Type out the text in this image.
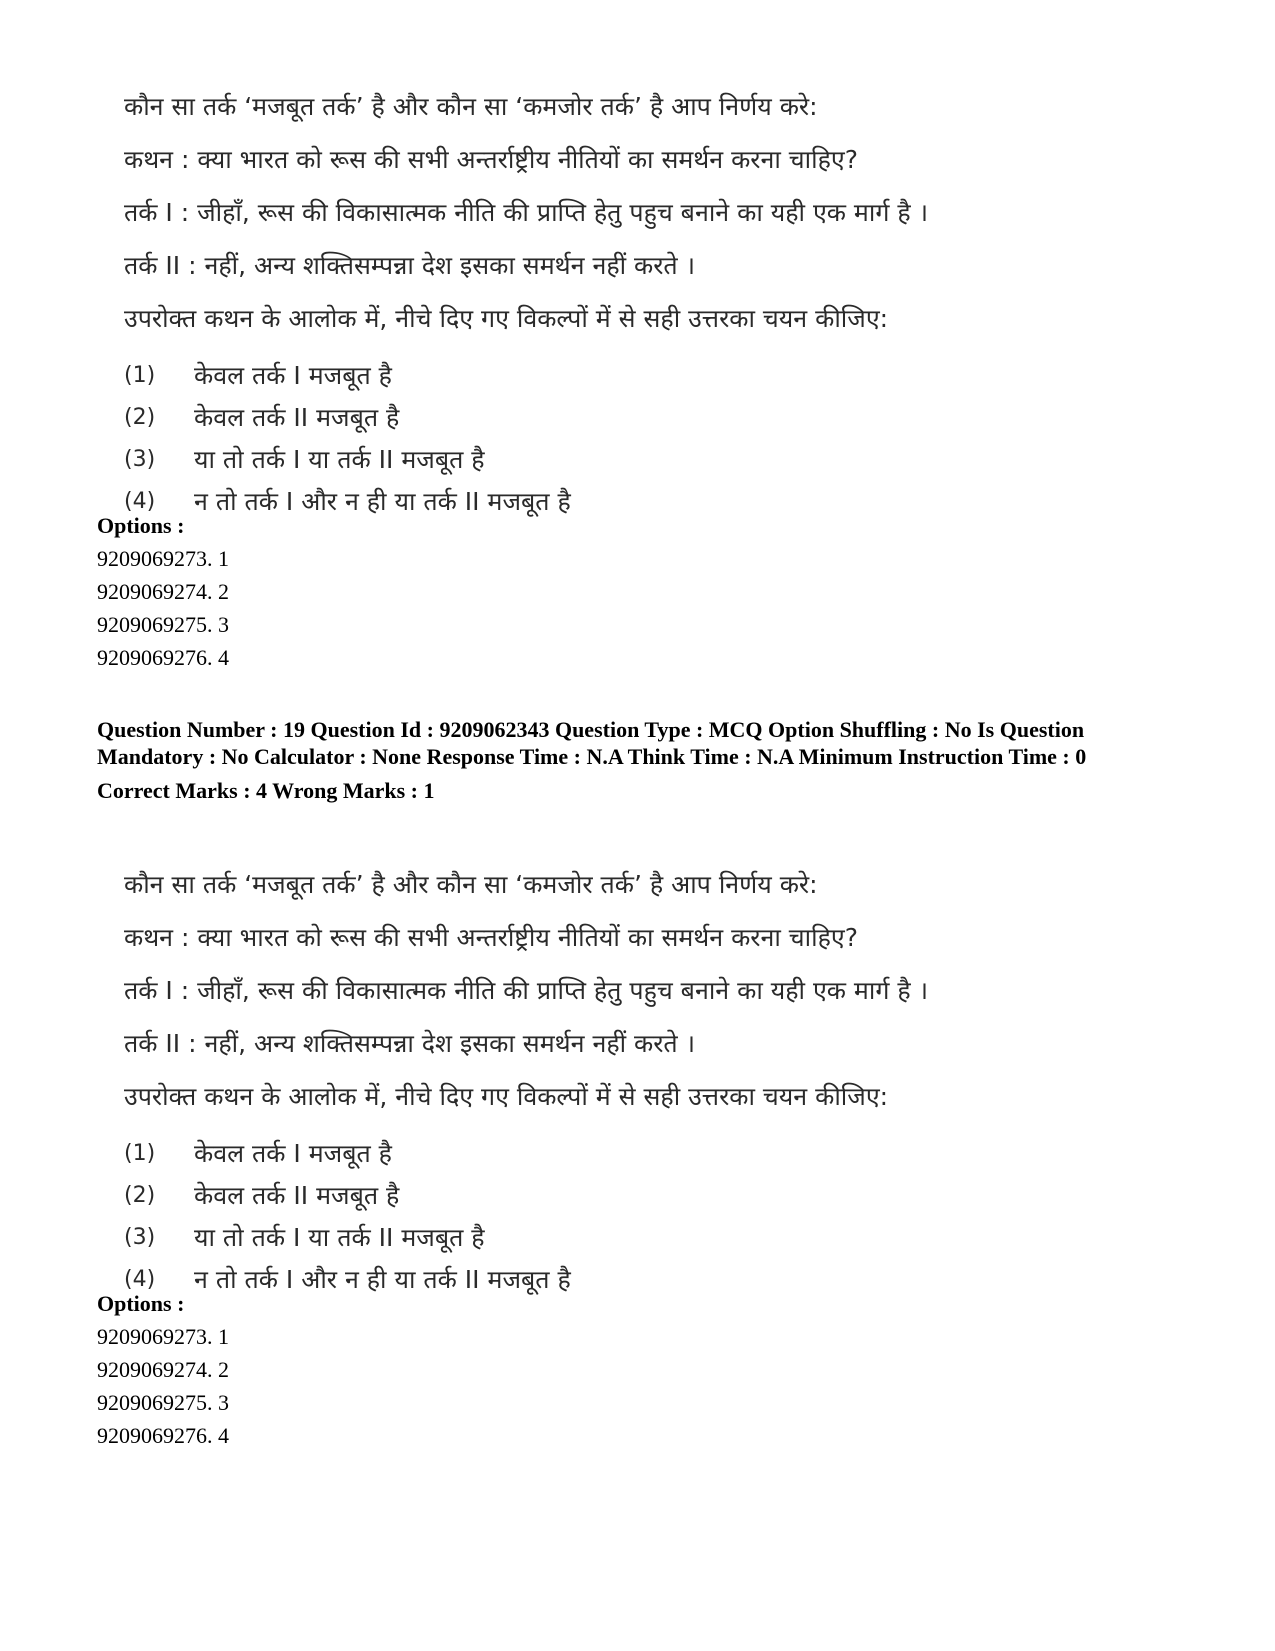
कौन सा तर्क ‘मजबूत तर्क’ है और कौन सा ‘कमजोर तर्क’ है आप निर्णय करे:
कथन : क्या भारत को रूस की सभी अन्तर्राष्ट्रीय नीतियों का समर्थन करना चाहिए?
तर्क I : जीहाँ, रूस की विकासात्मक नीति की प्राप्ति हेतु पहुच बनाने का यही एक मार्ग है ।
तर्क II : नहीं, अन्य शक्तिसम्पन्ना देश इसका समर्थन नहीं करते ।
उपरोक्त कथन के आलोक में, नीचे दिए गए विकल्पों में से सही उत्तरका चयन कीजिए:
(1)	केवल तर्क I मजबूत है
(2)	केवल तर्क II मजबूत है
(3)	या तो तर्क I या तर्क II मजबूत है
(4)	न तो तर्क I और न ही या तर्क II मजबूत है
Options :
9209069273. 1
9209069274. 2
9209069275. 3
9209069276. 4
Question Number : 19 Question Id : 9209062343 Question Type : MCQ Option Shuffling : No Is Question Mandatory : No Calculator : None Response Time : N.A Think Time : N.A Minimum Instruction Time : 0
Correct Marks : 4 Wrong Marks : 1
कौन सा तर्क ‘मजबूत तर्क’ है और कौन सा ‘कमजोर तर्क’ है आप निर्णय करे:
कथन : क्या भारत को रूस की सभी अन्तर्राष्ट्रीय नीतियों का समर्थन करना चाहिए?
तर्क I : जीहाँ, रूस की विकासात्मक नीति की प्राप्ति हेतु पहुच बनाने का यही एक मार्ग है ।
तर्क II : नहीं, अन्य शक्तिसम्पन्ना देश इसका समर्थन नहीं करते ।
उपरोक्त कथन के आलोक में, नीचे दिए गए विकल्पों में से सही उत्तरका चयन कीजिए:
(1)	केवल तर्क I मजबूत है
(2)	केवल तर्क II मजबूत है
(3)	या तो तर्क I या तर्क II मजबूत है
(4)	न तो तर्क I और न ही या तर्क II मजबूत है
Options :
9209069273. 1
9209069274. 2
9209069275. 3
9209069276. 4
